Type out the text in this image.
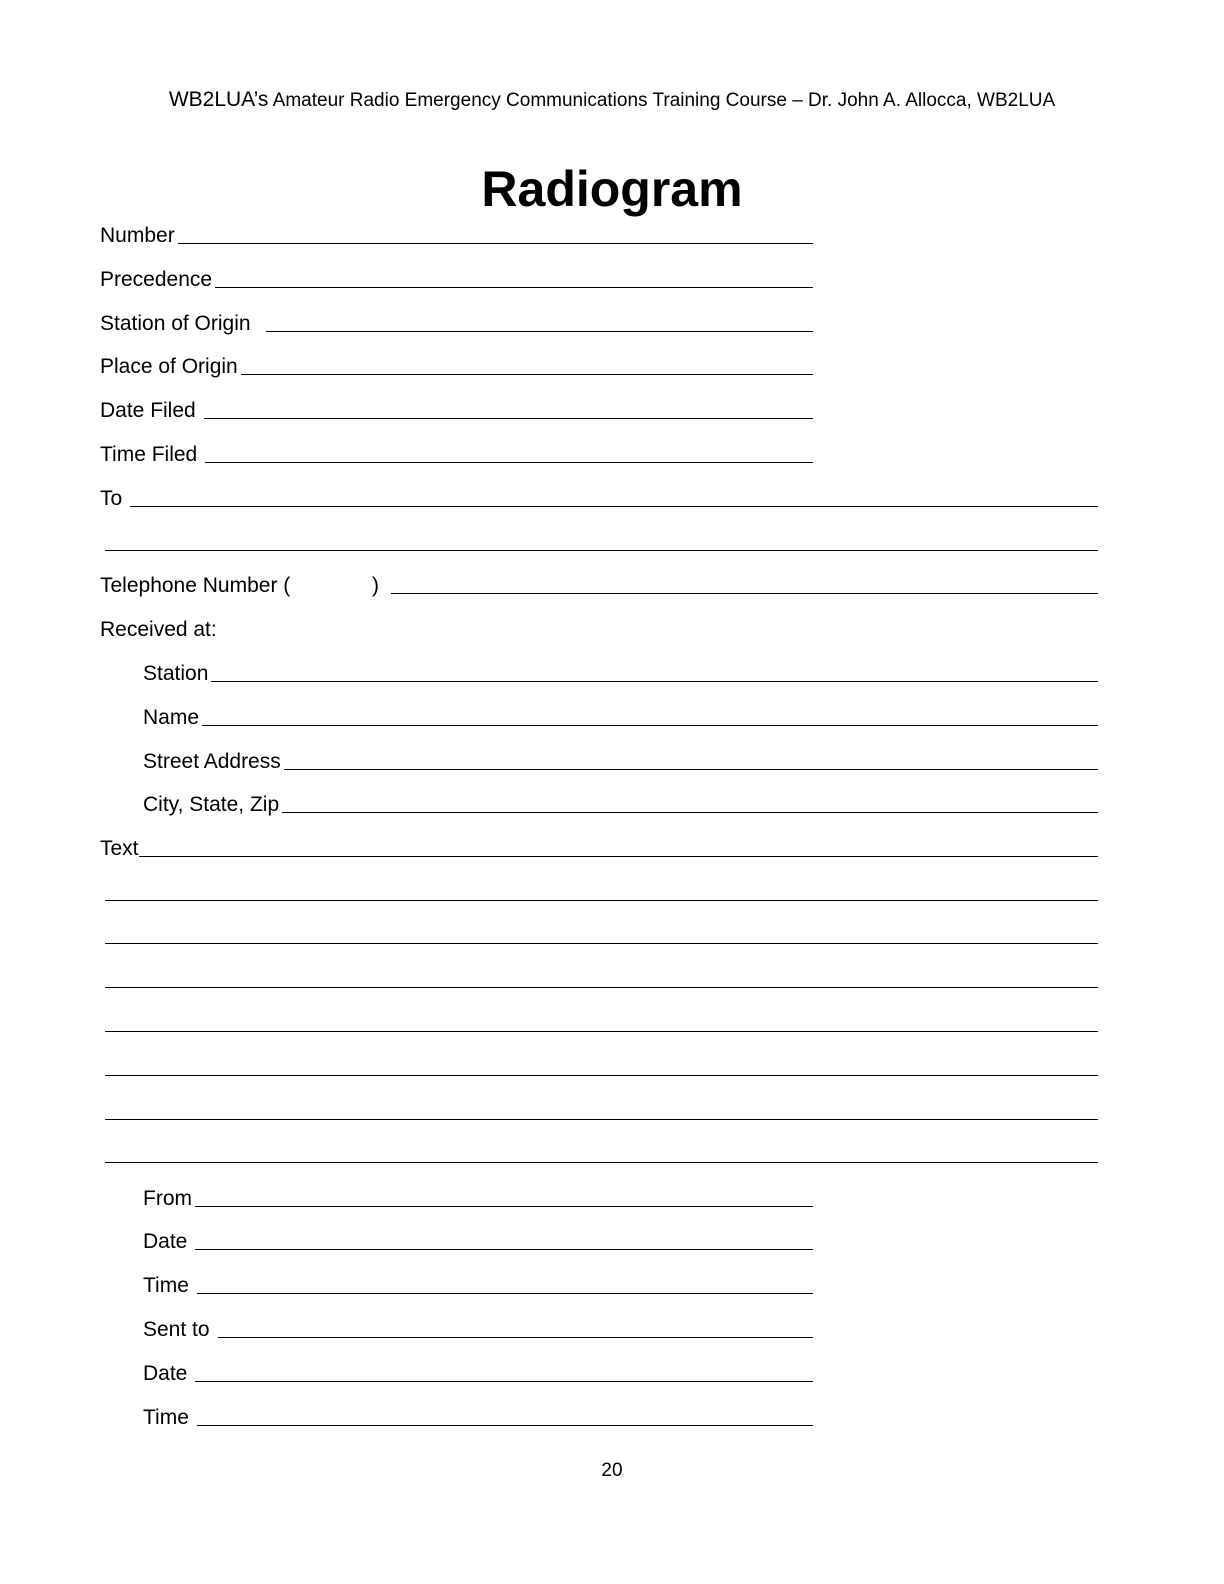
WB2LUA’s Amateur Radio Emergency Communications Training Course – Dr. John A. Allocca, WB2LUA
Radiogram
Number
Precedence
Station of Origin
Place of Origin
Date Filed
Time Filed
To
Telephone Number (              )
Received at:
Station
Name
Street Address
City, State, Zip
Text
From
Date
Time
Sent to
Date
Time
20
